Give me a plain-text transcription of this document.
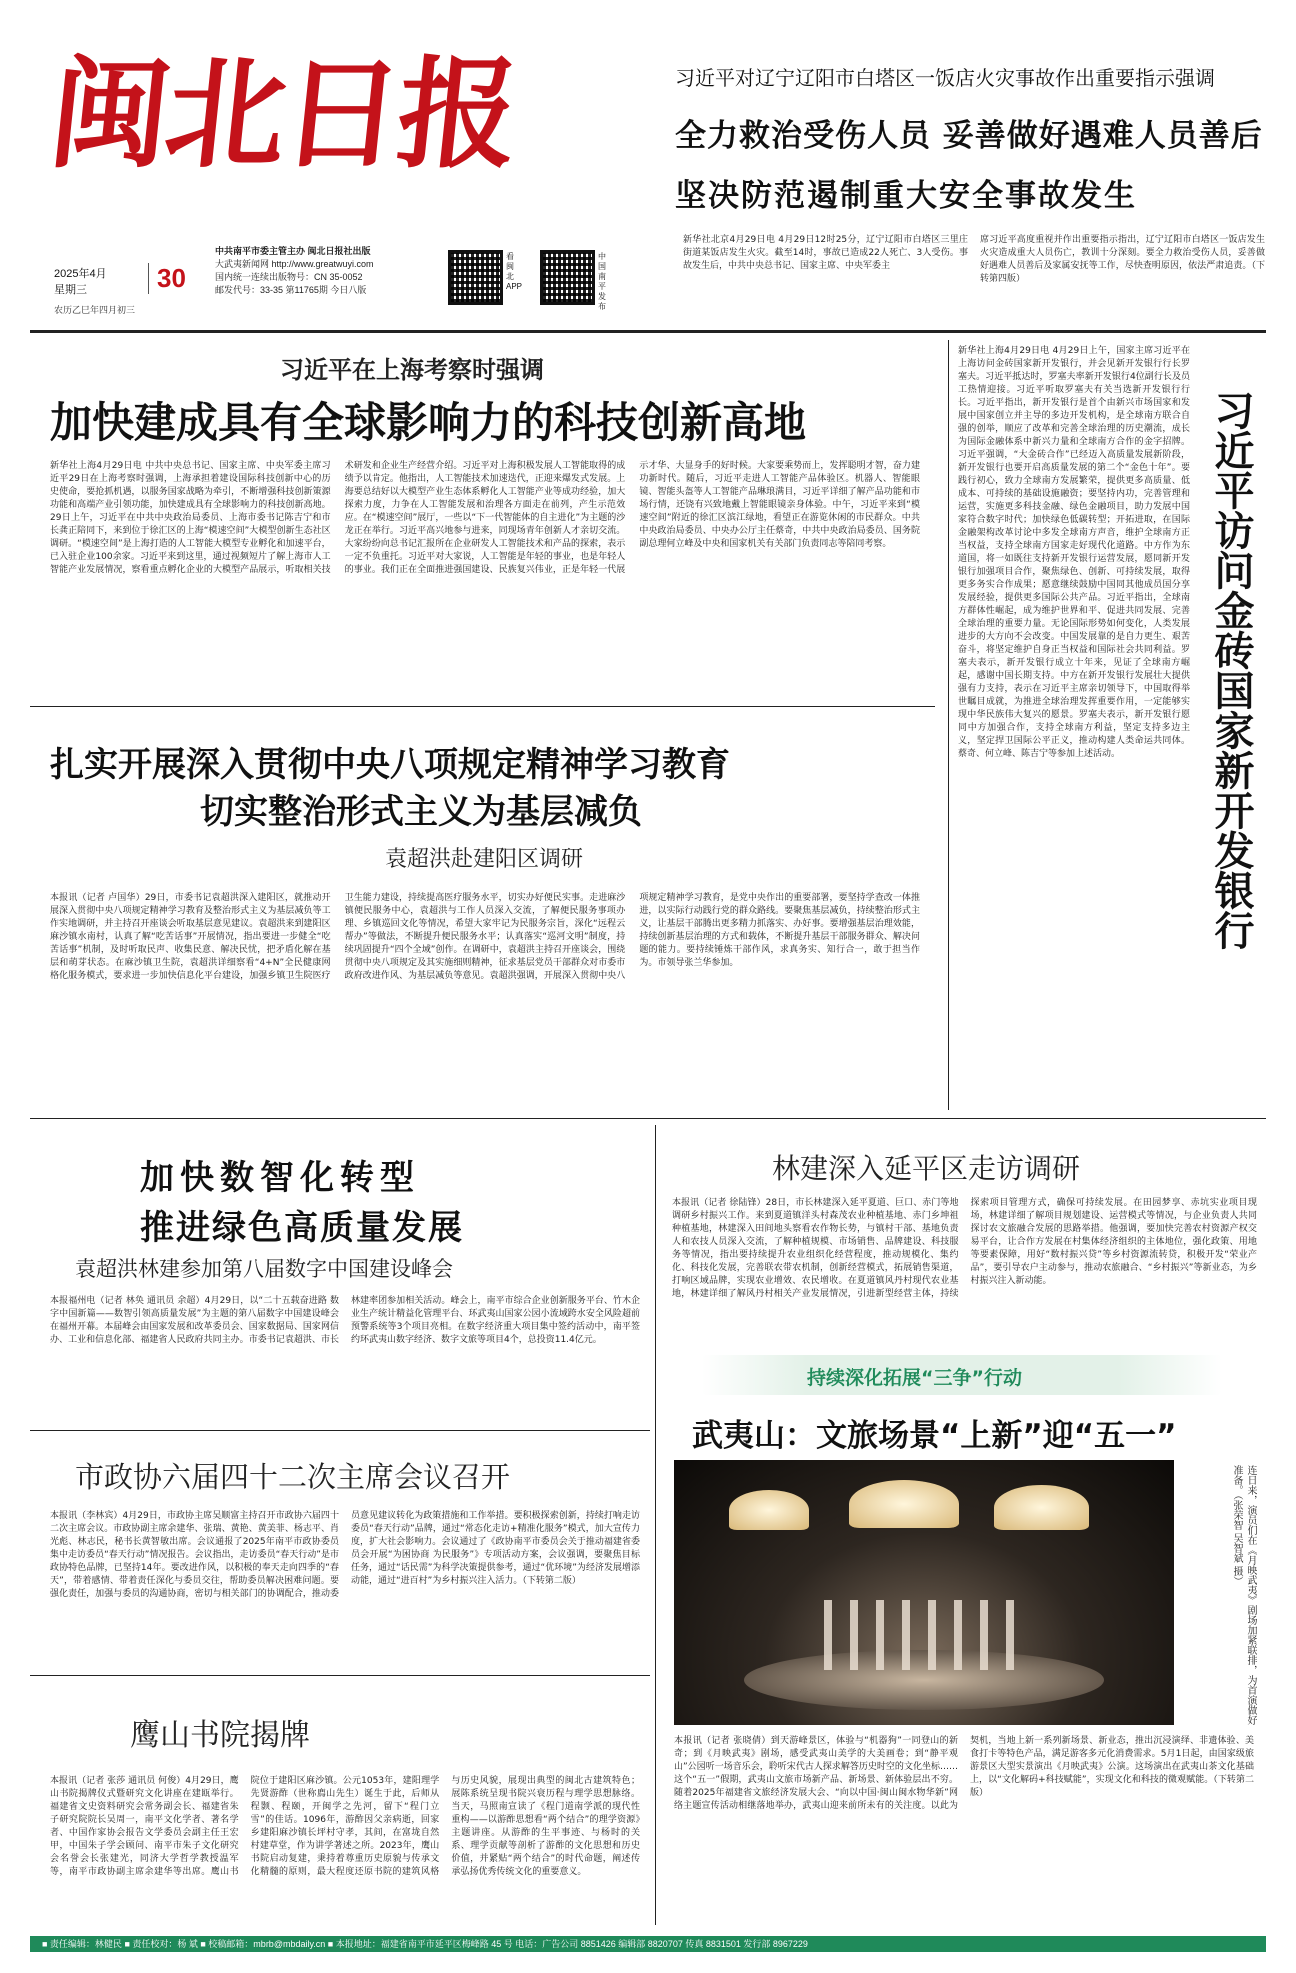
闽北日报
2025年4月
星期三	30
农历乙巳年四月初三
中共南平市委主管主办 闽北日报社出版
大武夷新闻网 http://www.greatwuyi.com
国内统一连续出版物号：CN 35-0052
邮发代号：33-35 第11765期 今日八版
看闽北APP
中国南平发布
习近平对辽宁辽阳市白塔区一饭店火灾事故作出重要指示强调
全力救治受伤人员 妥善做好遇难人员善后
坚决防范遏制重大安全事故发生
新华社北京4月29日电 4月29日12时25分，辽宁辽阳市白塔区三里庄街道某饭店发生火灾。截至14时，事故已造成22人死亡、3人受伤。事故发生后，中共中央总书记、国家主席、中央军委主
席习近平高度重视并作出重要指示指出，辽宁辽阳市白塔区一饭店发生火灾造成重大人员伤亡，教训十分深刻。要全力救治受伤人员，妥善做好遇难人员善后及家属安抚等工作，尽快查明原因，依法严肃追责。（下转第四版）
习近平在上海考察时强调
加快建成具有全球影响力的科技创新高地
新华社上海4月29日电 中共中央总书记、国家主席、中央军委主席习近平29日在上海考察时强调，上海承担着建设国际科技创新中心的历史使命，要抢抓机遇，以服务国家战略为牵引，不断增强科技创新策源功能和高端产业引领功能，加快建成具有全球影响力的科技创新高地。29日上午，习近平在中共中央政治局委员、上海市委书记陈吉宁和市长龚正陪同下，来到位于徐汇区的上海“模速空间”大模型创新生态社区调研。“模速空间”是上海打造的人工智能大模型专业孵化和加速平台，已入驻企业100余家。习近平来到这里，通过视频短片了解上海市人工智能产业发展情况，察看重点孵化企业的大模型产品展示，听取相关技术研发和企业生产经营介绍。习近平对上海积极发展人工智能取得的成绩予以肯定。他指出，人工智能技术加速迭代，正迎来爆发式发展。上海要总结好以大模型产业生态体系孵化人工智能产业等成功经验，加大探索力度，力争在人工智能发展和治理各方面走在前列，产生示范效应。在“模速空间”展厅，一些以“下一代智能体的自主进化”为主题的沙龙正在举行。习近平高兴地参与进来，同现场青年创新人才亲切交流。大家纷纷向总书记汇报所在企业研发人工智能技术和产品的探索，表示一定不负重托。习近平对大家说，人工智能是年轻的事业，也是年轻人的事业。我们正在全面推进强国建设、民族复兴伟业，正是年轻一代展示才华、大显身手的好时候。大家要乘势而上，发挥聪明才智，奋力建功新时代。随后，习近平走进人工智能产品体验区。机器人、智能眼镜、智能头盔等人工智能产品琳琅满目，习近平详细了解产品功能和市场行情，还饶有兴致地戴上智能眼镜亲身体验。中午，习近平来到“模速空间”附近的徐汇区滨江绿地，看望正在游览休闲的市民群众。中共中央政治局委员、中央办公厅主任蔡奇，中共中央政治局委员、国务院副总理何立峰及中央和国家机关有关部门负责同志等陪同考察。
新华社上海4月29日电 4月29日上午，国家主席习近平在上海访问金砖国家新开发银行，并会见新开发银行行长罗塞夫。习近平抵达时，罗塞夫率新开发银行4位副行长及员工热情迎接。习近平听取罗塞夫有关当选新开发银行行长。习近平指出，新开发银行是首个由新兴市场国家和发展中国家创立并主导的多边开发机构，是全球南方联合自强的创举，顺应了改革和完善全球治理的历史潮流，成长为国际金融体系中新兴力量和全球南方合作的金字招牌。习近平强调，“大金砖合作”已经迈入高质量发展新阶段，新开发银行也要开启高质量发展的第二个“金色十年”。要践行初心，致力全球南方发展繁荣，提供更多高质量、低成本、可持续的基础设施融资；要坚持内功，完善管理和运营，实施更多科技金融、绿色金融项目，助力发展中国家符合数字时代；加快绿色低碳转型；开拓进取，在国际金融架构改革讨论中多发全球南方声音，维护全球南方正当权益，支持全球南方国家走好现代化道路。中方作为东道国，将一如既往支持新开发银行运营发展，愿同新开发银行加强项目合作，聚焦绿色、创新、可持续发展，取得更多务实合作成果；愿意继续鼓励中国同其他成员国分享发展经验，提供更多国际公共产品。习近平指出，全球南方群体性崛起，成为维护世界和平、促进共同发展、完善全球治理的重要力量。无论国际形势如何变化，人类发展进步的大方向不会改变。中国发展靠的是自力更生、艰苦奋斗，将坚定维护自身正当权益和国际社会共同利益。罗塞夫表示，新开发银行成立十年来，见证了全球南方崛起，感谢中国长期支持。中方在新开发银行发展壮大提供强有力支持，表示在习近平主席亲切领导下，中国取得举世瞩目成就，为推进全球治理发挥重要作用，一定能够实现中华民族伟大复兴的愿景。罗塞夫表示，新开发银行愿同中方加强合作，支持全球南方利益，坚定支持多边主义，坚定捍卫国际公平正义，推动构建人类命运共同体。蔡奇、何立峰、陈吉宁等参加上述活动。	习近平访问金砖国家新开发银行
扎实开展深入贯彻中央八项规定精神学习教育
切实整治形式主义为基层减负
袁超洪赴建阳区调研
本报讯（记者 卢国华）29日，市委书记袁超洪深入建阳区，就推动开展深入贯彻中央八项规定精神学习教育及整治形式主义为基层减负等工作实地调研，并主持召开座谈会听取基层意见建议。袁超洪来到建阳区麻沙镇水南村，认真了解“吃苦话事”开展情况，指出要进一步健全“吃苦话事”机制，及时听取民声、收集民意、解决民忧，把矛盾化解在基层和萌芽状态。在麻沙镇卫生院，袁超洪详细察看“4+N”全民健康网格化服务模式，要求进一步加快信息化平台建设，加强乡镇卫生院医疗卫生能力建设，持续提高医疗服务水平，切实办好便民实事。走进麻沙镇便民服务中心，袁超洪与工作人员深入交流，了解便民服务事项办理、乡镇巡回文化等情况，希望大家牢记为民服务宗旨，深化“远程云帮办”等做法，不断提升便民服务水平；认真落实“巡河文明”制度，持续巩固提升“四个全域”创作。在调研中，袁超洪主持召开座谈会，围绕贯彻中央八项规定及其实施细则精神，征求基层党员干部群众对市委市政府改进作风、为基层减负等意见。袁超洪强调，开展深入贯彻中央八项规定精神学习教育，是党中央作出的重要部署，要坚持学查改一体推进，以实际行动践行党的群众路线。要聚焦基层减负，持续整治形式主义，让基层干部腾出更多精力抓落实、办好事。要增强基层治理效能，持续创新基层治理的方式和载体，不断提升基层干部服务群众、解决问题的能力。要持续锤炼干部作风，求真务实、知行合一，敢于担当作为。市领导张兰华参加。
加快数智化转型
推进绿色高质量发展
袁超洪林建参加第八届数字中国建设峰会
本报福州电（记者 林奂 通讯员 余超）4月29日，以“二十五载奋进路 数字中国新篇——数智引领高质量发展”为主题的第八届数字中国建设峰会在福州开幕。本届峰会由国家发展和改革委员会、国家数据局、国家网信办、工业和信息化部、福建省人民政府共同主办。市委书记袁超洪、市长林建率团参加相关活动。峰会上，南平市综合企业创新服务平台、竹木企业生产统计精益化管理平台、环武夷山国家公园小流域跨水安全风险超前预警系统等3个项目亮相。在数字经济重大项目集中签约活动中，南平签约环武夷山数字经济、数字文旅等项目4个，总投资11.4亿元。
市政协六届四十二次主席会议召开
本报讯（李林宾）4月29日，市政协主席吴顺富主持召开市政协六届四十二次主席会议。市政协副主席余建华、张瑞、黄艳、黄美菲、杨志平、肖光彪、林志民，秘书长黄智敏出席。会议通报了2025年南平市政协委员集中走访委员“春天行动”情况报告。会议指出，走访委员“春天行动”是市政协特色品牌，已坚持14年。要改进作风，以积极的奉天走向四季的“春天”，带着感情、带着责任深化与委员交往，帮助委员解决困难问题。要强化责任，加强与委员的沟通协商，密切与相关部门的协调配合，推动委员意见建议转化为政策措施和工作举措。要积极探索创新，持续打响走访委员“春天行动”品牌，通过“常态化走访+精准化服务”模式，加大宣传力度，扩大社会影响力。会议通过了《政协南平市委员会关于推动福建省委员会开展“为困协商 为民服务”》专项活动方案，会议强调，要聚焦目标任务，通过“话民需”为科学决策提供参考，通过“优环境”为经济发展增添动能，通过“进百村”为乡村振兴注入活力。（下转第二版）
鹰山书院揭牌
本报讯（记者 张莎 通讯员 何俊）4月29日，鹰山书院揭牌仪式暨研究文化讲座在建瓯举行。福建省文史资料研究会常务副会长、福建省朱子研究院院长吴周一，南平文化学者、著名学者、中国作家协会报告文学委员会副主任王宏甲，中国朱子学会顾问、南平市朱子文化研究会名誉会长张建光，同济大学哲学教授温军等，南平市政协副主席余建华等出席。鹰山书院位于建阳区麻沙镇。公元1053年，建阳理学先贤游酢（世称廌山先生）诞生于此，后师从程颢、程颐，开闽学之先河，留下“程门立雪”的佳话。1096年，游酢因父亲病逝，回家乡建阳麻沙镇长坪村守孝，其间，在富垅自然村建草堂，作为讲学著述之所。2023年，鹰山书院启动复建，秉持着尊重历史原貌与传承文化精髓的原则，最大程度还原书院的建筑风格与历史风貌，展现出典型的闽北古建筑特色；展陈系统呈现书院兴衰历程与理学思想脉络。当天，马照南宣读了《程门道南学派的现代性重构——以游酢思想看“两个结合”的理学资源》主题讲座。从游酢的生平事迹、与杨时的关系、理学贡献等剖析了游酢的文化思想和历史价值，并紧贴“两个结合”的时代命题，阐述传承弘扬优秀传统文化的重要意义。
林建深入延平区走访调研
本报讯（记者 徐陆锋）28日，市长林建深入延平夏道、巨口、赤门等地调研乡村振兴工作。来到夏道镇洋头村森茂农业种植基地、赤门乡坤祖种植基地，林建深入田间地头察看农作物长势，与镇村干部、基地负责人和农技人员深入交流，了解种植规模、市场销售、品牌建设、科技服务等情况，指出要持续提升农业组织化经营程度，推动规模化、集约化、科技化发展，完善联农带农机制，创新经营模式，拓展销售渠道，打响区域品牌，实现农业增效、农民增收。在夏道镇风丹村现代农业基地，林建详细了解风丹村相关产业发展情况，引进新型经营主体，持续探索项目管理方式，确保可持续发展。在田园梦享、赤坑实业项目现场，林建详细了解项目规划建设、运营模式等情况，与企业负责人共同探讨农文旅融合发展的思路举措。他强调，要加快完善农村资源产权交易平台，让合作方发展在村集体经济组织的主体地位，强化政策、用地等要素保障，用好“数村振兴贷”等乡村资源流转贷，积极开发“荣业产品”，要引导农户主动参与，推动农旅融合、“乡村振兴”等新业态，为乡村振兴注入新动能。
持续深化拓展“三争”行动
武夷山：文旅场景“上新”迎“五一”
连日来，演员们在《月映武夷》剧场加紧联排，为首演做好准备。（张荣智 吴智斌 摄）
本报讯（记者 张晓倩）到天游峰景区，体验与“机器狗”一同登山的新奇；到《月映武夷》剧场，感受武夷山美学的大美画卷；到“静平观山”公园听一场音乐会，聆听宋代古人探求解答历史时空的文化坐标……这个“五一”假期，武夷山文旅市场新产品、新场景、新体验层出不穷。随着2025年福建省文旅经济发展大会、“向以中国·闽山闽水物华新”网络主题宣传活动相继落地举办，武夷山迎来前所未有的关注度。以此为契机，当地上新一系列新场景、新业态，推出沉浸演绎、非遗体验、美食打卡等特色产品，满足游客多元化消费需求。5月1日起，由国家级旅游景区大型实景演出《月映武夷》公演。这场演出在武夷山茶文化基础上，以“文化解码+科技赋能”，实现文化和科技的微观赋能。（下转第二版）
■ 责任编辑：林健民 ■ 责任校对：杨 斌 ■ 校稿邮箱：mbrb@mbdaily.cn ■ 本报地址：福建省南平市延平区梅峰路 45 号 电话：广告公司 8851426 编辑部 8820707 传真 8831501 发行部 8967229
